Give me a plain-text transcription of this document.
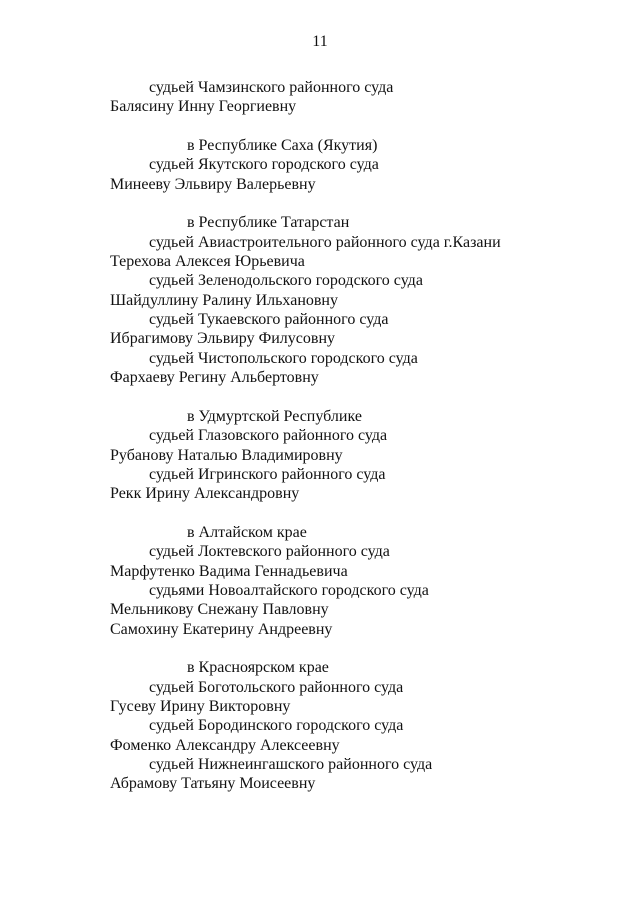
11
судьей Чамзинского районного суда
Балясину Инну Георгиевну
в Республике Саха (Якутия)
судьей Якутского городского суда
Минееву Эльвиру Валерьевну
в Республике Татарстан
судьей Авиастроительного районного суда г.Казани
Терехова Алексея Юрьевича
судьей Зеленодольского городского суда
Шайдуллину Ралину Ильхановну
судьей Тукаевского районного суда
Ибрагимову Эльвиру Филусовну
судьей Чистопольского городского суда
Фархаеву Регину Альбертовну
в Удмуртской Республике
судьей Глазовского районного суда
Рубанову Наталью Владимировну
судьей Игринского районного суда
Рекк Ирину Александровну
в Алтайском крае
судьей Локтевского районного суда
Марфутенко Вадима Геннадьевича
судьями Новоалтайского городского суда
Мельникову Снежану Павловну
Самохину Екатерину Андреевну
в Красноярском крае
судьей Боготольского районного суда
Гусеву Ирину Викторовну
судьей Бородинского городского суда
Фоменко Александру Алексеевну
судьей Нижнеингашского районного суда
Абрамову Татьяну Моисеевну
